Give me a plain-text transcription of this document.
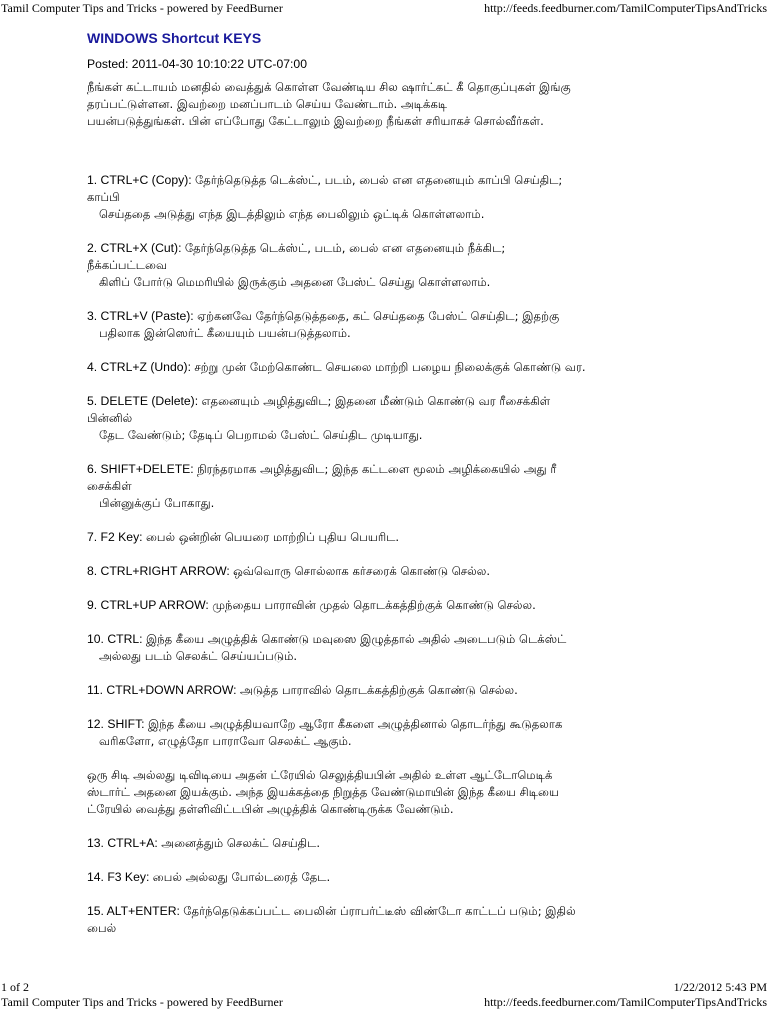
Tamil Computer Tips and Tricks - powered by FeedBurner	http://feeds.feedburner.com/TamilComputerTipsAndTricks
WINDOWS Shortcut KEYS
Posted: 2011-04-30 10:10:22 UTC-07:00
நீங்கள் கட்டாயம் மனதில் வைத்துக் கொள்ள வேண்டிய சில ஷார்ட்கட் கீ தொகுப்புகள் இங்கு
தரப்பட்டுள்ளன. இவற்றை மனப்பாடம் செய்ய வேண்டாம். அடிக்கடி
பயன்படுத்துங்கள். பின் எப்போது கேட்டாலும் இவற்றை நீங்கள் சரியாகச் சொல்வீர்கள்.
1. CTRL+C (Copy): தேர்ந்தெடுத்த டெக்ஸ்ட், படம், பைல் என எதனையும் காப்பி செய்திட;
காப்பி
செய்ததை அடுத்து எந்த இடத்திலும் எந்த பைலிலும் ஒட்டிக் கொள்ளலாம்.
2. CTRL+X (Cut): தேர்ந்தெடுத்த டெக்ஸ்ட், படம், பைல் என எதனையும் நீக்கிட;
நீக்கப்பட்டவை
கிளிப் போர்டு மெமரியில் இருக்கும் அதனை பேஸ்ட் செய்து கொள்ளலாம்.
3. CTRL+V (Paste): ஏற்கனவே தேர்ந்தெடுத்ததை, கட் செய்ததை பேஸ்ட் செய்திட; இதற்கு
பதிலாக இன்ஸெர்ட் கீயையும் பயன்படுத்தலாம்.
4. CTRL+Z (Undo): சற்று முன் மேற்கொண்ட செயலை மாற்றி பழைய நிலைக்குக் கொண்டு வர.
5. DELETE (Delete): எதனையும் அழித்துவிட; இதனை மீண்டும் கொண்டு வர ரீசைக்கிள்
பின்னில்
தேட வேண்டும்; தேடிப் பெறாமல் பேஸ்ட் செய்திட முடியாது.
6. SHIFT+DELETE: நிரந்தரமாக அழித்துவிட; இந்த கட்டளை மூலம் அழிக்கையில் அது ரீ
சைக்கிள்
பின்னுக்குப் போகாது.
7. F2 Key: பைல் ஒன்றின் பெயரை மாற்றிப் புதிய பெயரிட.
8. CTRL+RIGHT ARROW: ஒவ்வொரு சொல்லாக கர்சரைக் கொண்டு செல்ல.
9. CTRL+UP ARROW: முந்தைய பாராவின் முதல் தொடக்கத்திற்குக் கொண்டு செல்ல.
10. CTRL: இந்த கீயை அழுத்திக் கொண்டு மவுஸை இழுத்தால் அதில் அடைபடும் டெக்ஸ்ட்
அல்லது படம் செலக்ட் செய்யப்படும்.
11. CTRL+DOWN ARROW: அடுத்த பாராவில் தொடக்கத்திற்குக் கொண்டு செல்ல.
12. SHIFT: இந்த கீயை அழுத்தியவாறே ஆரோ கீகளை அழுத்தினால் தொடர்ந்து கூடுதலாக
வரிகளோ, எழுத்தோ பாராவோ செலக்ட் ஆகும்.
ஒரு சிடி அல்லது டிவிடியை அதன் ட்ரேயில் செலுத்தியபின் அதில் உள்ள ஆட்டோமெடிக்
ஸ்டார்ட் அதனை இயக்கும். அந்த இயக்கத்தை நிறுத்த வேண்டுமாயின் இந்த கீயை சிடியை
ட்ரேயில் வைத்து தள்ளிவிட்டபின் அழுத்திக் கொண்டிருக்க வேண்டும்.
13. CTRL+A: அனைத்தும் செலக்ட் செய்திட.
14. F3 Key: பைல் அல்லது போல்டரைத் தேட.
15. ALT+ENTER: தேர்ந்தெடுக்கப்பட்ட பைலின் ப்ராபர்ட்டீஸ் விண்டோ காட்டப் படும்; இதில்
பைல்
1 of 2	1/22/2012 5:43 PM
Tamil Computer Tips and Tricks - powered by FeedBurner	http://feeds.feedburner.com/TamilComputerTipsAndTricks
